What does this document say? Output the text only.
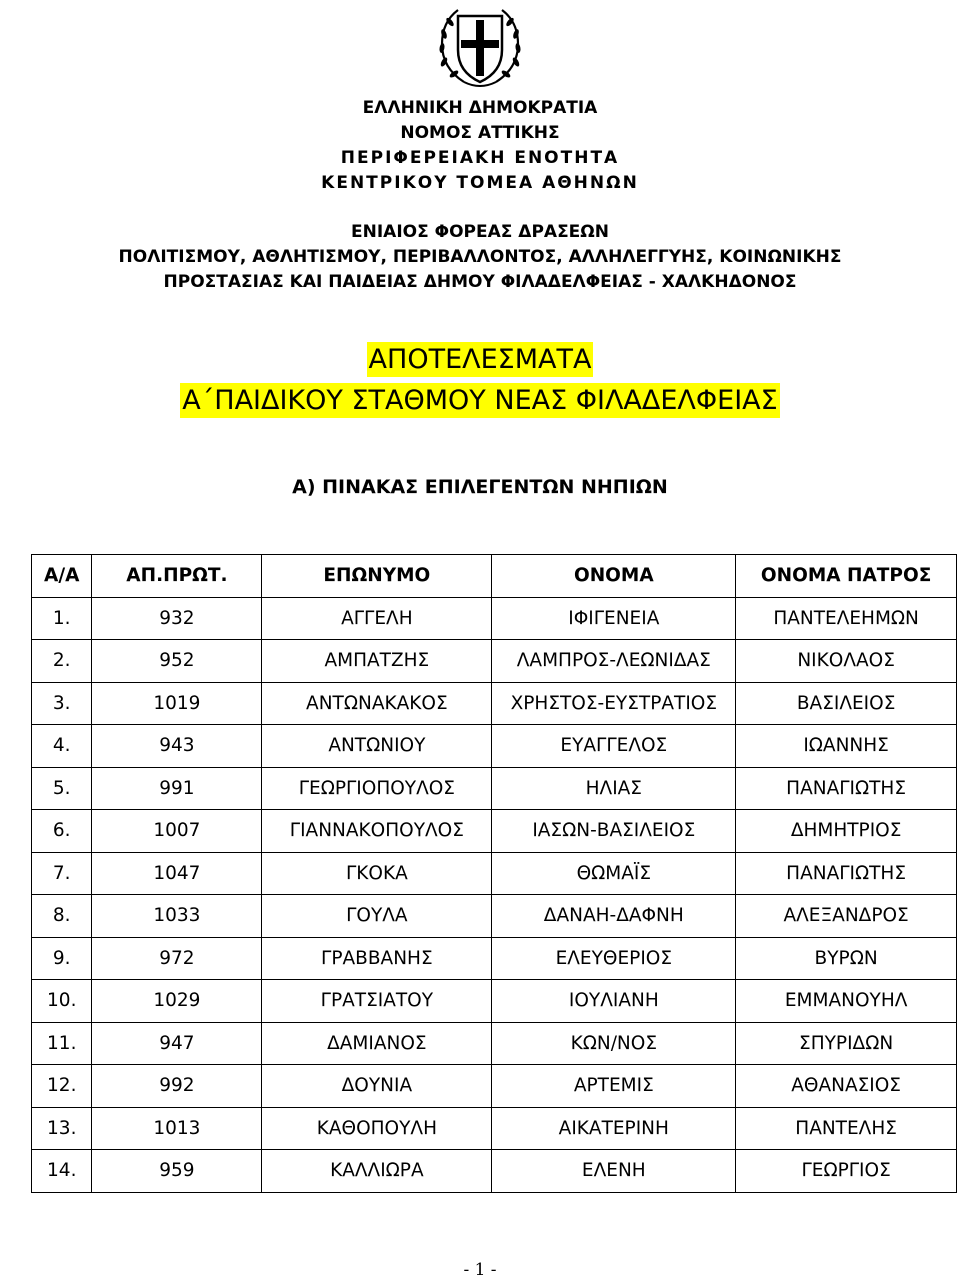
ΕΛΛΗΝΙΚΗ ΔΗΜΟΚΡΑΤΙΑ
ΝΟΜΟΣ ΑΤΤΙΚΗΣ
ΠΕΡΙΦΕΡΕΙΑΚΗ ΕΝΟΤΗΤΑ
ΚΕΝΤΡΙΚΟΥ ΤΟΜΕΑ ΑΘΗΝΩΝ
ΕΝΙΑΙΟΣ ΦΟΡΕΑΣ ΔΡΑΣΕΩΝ
ΠΟΛΙΤΙΣΜΟΥ, ΑΘΛΗΤΙΣΜΟΥ, ΠΕΡΙΒΑΛΛΟΝΤΟΣ, ΑΛΛΗΛΕΓΓΥΗΣ, ΚΟΙΝΩΝΙΚΗΣ
ΠΡΟΣΤΑΣΙΑΣ ΚΑΙ ΠΑΙΔΕΙΑΣ ΔΗΜΟΥ ΦΙΛΑΔΕΛΦΕΙΑΣ - ΧΑΛΚΗΔΟΝΟΣ
ΑΠΟΤΕΛΕΣΜΑΤΑ
Α΄ΠΑΙΔΙΚΟΥ ΣΤΑΘΜΟΥ ΝΕΑΣ ΦΙΛΑΔΕΛΦΕΙΑΣ
Α) ΠΙΝΑΚΑΣ ΕΠΙΛΕΓΕΝΤΩΝ ΝΗΠΙΩΝ
Α/Α	ΑΠ.ΠΡΩΤ.	ΕΠΩΝΥΜΟ	ΟΝΟΜΑ	ΟΝΟΜΑ ΠΑΤΡΟΣ
1.	932	ΑΓΓΕΛΗ	ΙΦΙΓΕΝΕΙΑ	ΠΑΝΤΕΛΕΗΜΩΝ
2.	952	ΑΜΠΑΤΖΗΣ	ΛΑΜΠΡΟΣ-ΛΕΩΝΙΔΑΣ	ΝΙΚΟΛΑΟΣ
3.	1019	ΑΝΤΩΝΑΚΑΚΟΣ	ΧΡΗΣΤΟΣ-ΕΥΣΤΡΑΤΙΟΣ	ΒΑΣΙΛΕΙΟΣ
4.	943	ΑΝΤΩΝΙΟΥ	ΕΥΑΓΓΕΛΟΣ	ΙΩΑΝΝΗΣ
5.	991	ΓΕΩΡΓΙΟΠΟΥΛΟΣ	ΗΛΙΑΣ	ΠΑΝΑΓΙΩΤΗΣ
6.	1007	ΓΙΑΝΝΑΚΟΠΟΥΛΟΣ	ΙΑΣΩΝ-ΒΑΣΙΛΕΙΟΣ	ΔΗΜΗΤΡΙΟΣ
7.	1047	ΓΚΟΚΑ	ΘΩΜΑΪΣ	ΠΑΝΑΓΙΩΤΗΣ
8.	1033	ΓΟΥΛΑ	ΔΑΝΑΗ-ΔΑΦΝΗ	ΑΛΕΞΑΝΔΡΟΣ
9.	972	ΓΡΑΒΒΑΝΗΣ	ΕΛΕΥΘΕΡΙΟΣ	ΒΥΡΩΝ
10.	1029	ΓΡΑΤΣΙΑΤΟΥ	ΙΟΥΛΙΑΝΗ	ΕΜΜΑΝΟΥΗΛ
11.	947	ΔΑΜΙΑΝΟΣ	ΚΩΝ/ΝΟΣ	ΣΠΥΡΙΔΩΝ
12.	992	ΔΟΥΝΙΑ	ΑΡΤΕΜΙΣ	ΑΘΑΝΑΣΙΟΣ
13.	1013	ΚΑΘΟΠΟΥΛΗ	ΑΙΚΑΤΕΡΙΝΗ	ΠΑΝΤΕΛΗΣ
14.	959	ΚΑΛΛΙΩΡΑ	ΕΛΕΝΗ	ΓΕΩΡΓΙΟΣ
- 1 -
